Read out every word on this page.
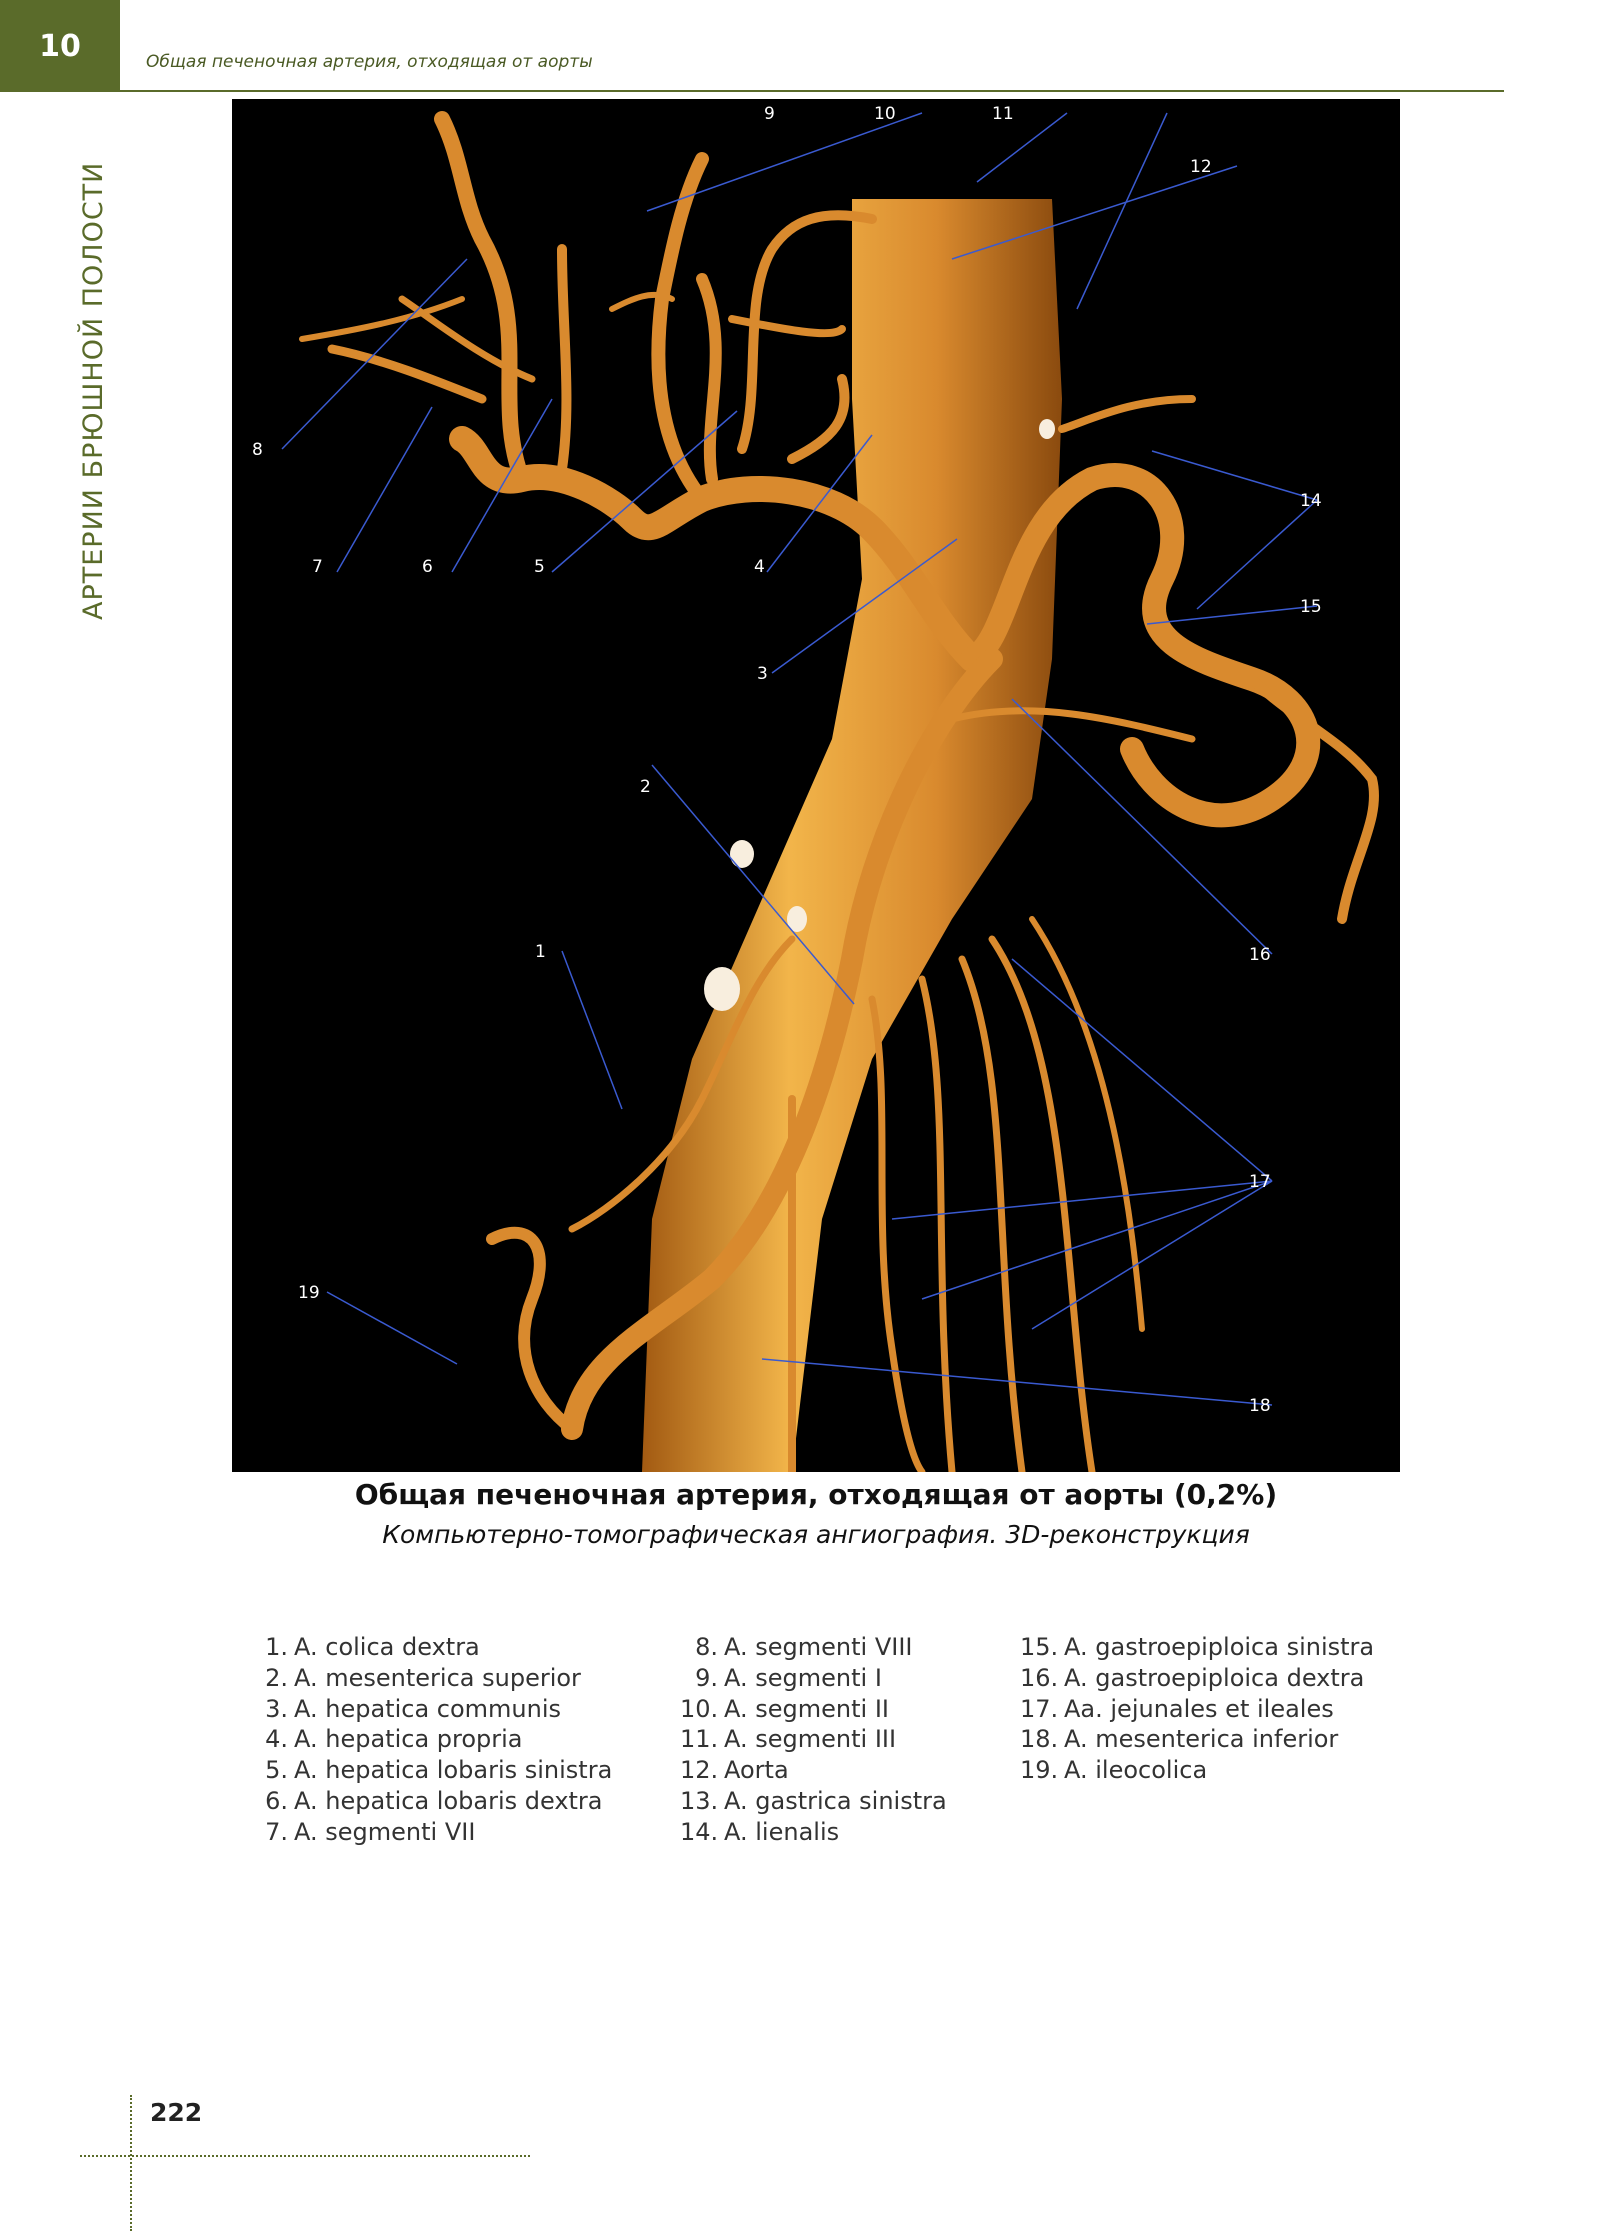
10	Общая печеночная артерия, отходящая от аорты
АРТЕРИИ БРЮШНОЙ ПОЛОСТИ
1
2
3
4
5
6
7
8
9	10	11
12
14
15
16
17
18
19
Общая печеночная артерия, отходящая от аорты (0,2%)
Компьютерно-томографическая ангиография. 3D-реконструкция
1. A. colica dextra
2. A. mesenterica superior
3. A. hepatica communis
4. A. hepatica propria
5. A. hepatica lobaris sinistra
6. A. hepatica lobaris dextra
7. A. segmenti VII
8. A. segmenti VIII
9. A. segmenti I
10. A. segmenti II
11. A. segmenti III
12. Aorta
13. A. gastrica sinistra
14. A. lienalis
15. A. gastroepiploica sinistra
16. A. gastroepiploica dextra
17. Aa. jejunales et ileales
18. A. mesenterica inferior
19. A. ileocolica
222
